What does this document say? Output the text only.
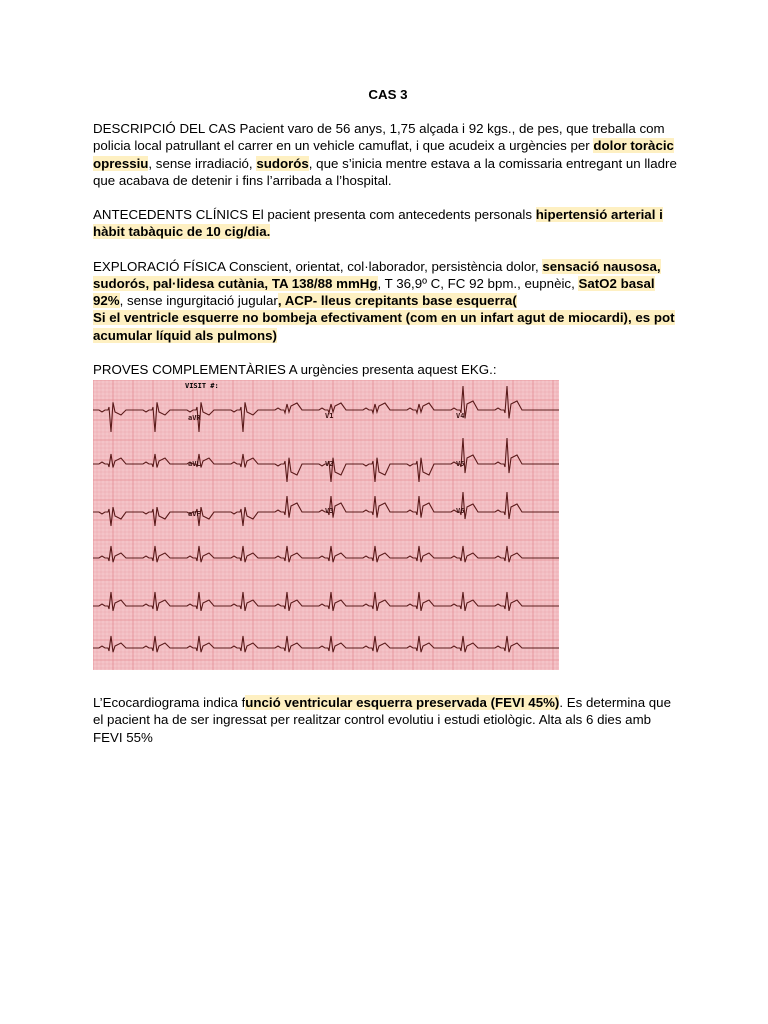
CAS 3

DESCRIPCIÓ DEL CAS Pacient varo de 56 anys, 1,75 alçada i 92 kgs., de pes, que treballa com policia local patrullant el carrer en un vehicle camuflat, i que acudeix a urgències per dolor toràcic opressiu, sense irradiació, sudorós, que s’inicia mentre estava a la comissaria entregant un lladre que acabava de detenir i fins l’arribada a l’hospital.

ANTECEDENTS CLÍNICS El pacient presenta com antecedents personals hipertensió arterial i hàbit tabàquic de 10 cig/dia.

EXPLORACIÓ FÍSICA Conscient, orientat, col·laborador, persistència dolor, sensació nausosa, sudorós, pal·lidesa cutània, TA 138/88 mmHg, T 36,9º C, FC 92 bpm., eupnèic, SatO2 basal 92%, sense ingurgitació jugular, ACP- lleus crepitants base esquerra(
Si el ventricle esquerre no bombeja efectivament (com en un infart agut de miocardi), es pot acumular líquid als pulmons)

PROVES COMPLEMENTÀRIES A urgències presenta aquest EKG.:
VISIT #:
aVR
aVL
aVF
V1
V2
V3
V4
V5
V6

L’Ecocardiograma indica funció ventricular esquerra preservada (FEVI 45%). Es determina que el pacient ha de ser ingressat per realitzar control evolutiu i estudi etiològic. Alta als 6 dies amb FEVI 55%
